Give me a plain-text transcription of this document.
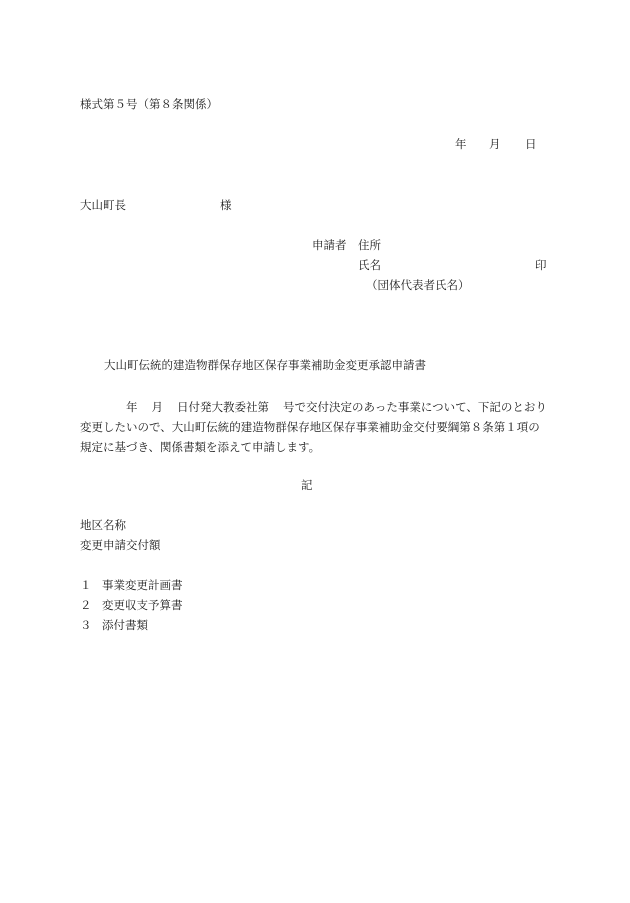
様式第５号（第８条関係）
年 月 日
大山町長	様
申請者 住所
氏名	印
（団体代表者氏名）
大山町伝統的建造物群保存地区保存事業補助金変更承認申請書
年 月 日付発大教委社第 号で交付決定のあった事業について、下記のとおり
変更したいので、大山町伝統的建造物群保存地区保存事業補助金交付要綱第８条第１項の
規定に基づき、関係書類を添えて申請します。
記
地区名称
変更申請交付額
１ 事業変更計画書
２ 変更収支予算書
３ 添付書類
